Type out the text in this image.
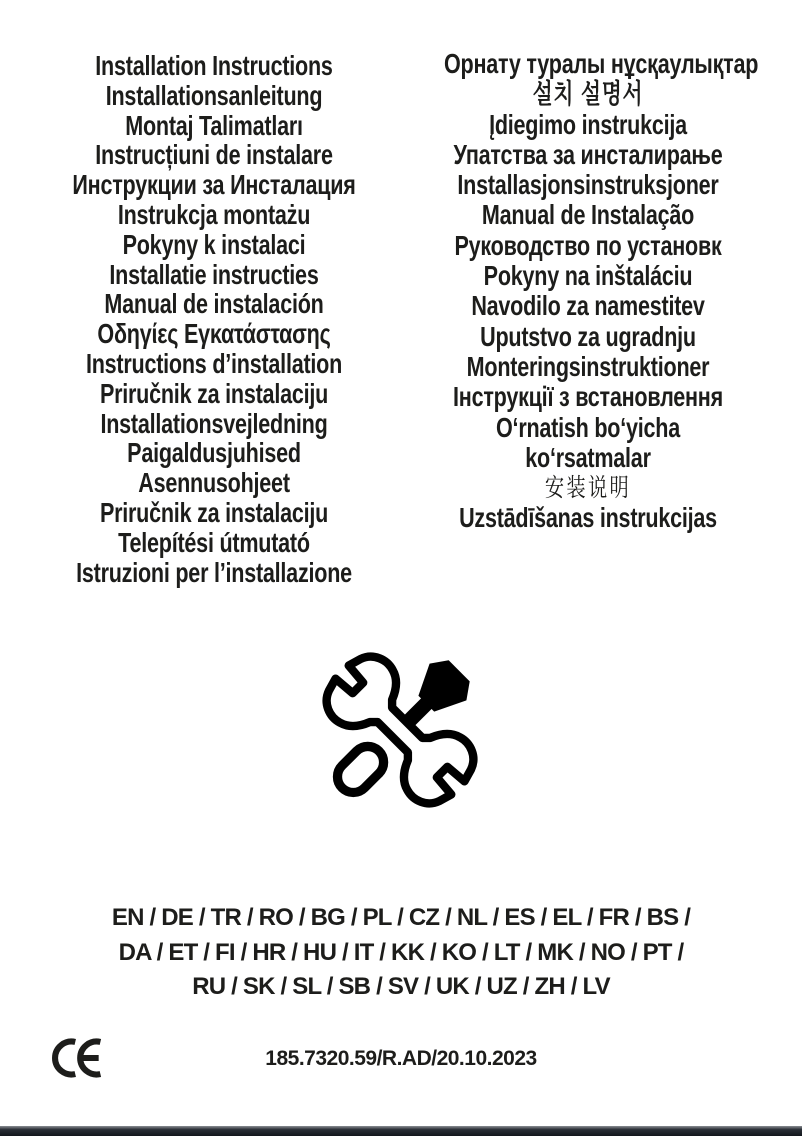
Installation Instructions
Installationsanleitung
Montaj Talimatları
Instrucțiuni de instalare
Инструкции за Инсталация
Instrukcja montażu
Pokyny k instalaci
Installatie instructies
Manual de instalación
Οδηγίες Εγκατάστασης
Instructions d’installation
Priručnik za instalaciju
Installationsvejledning
Paigaldusjuhised
Asennusohjeet
Priručnik za instalaciju
Telepítési útmutató
Istruzioni per l’installazione
Орнату туралы нұсқаулықтар
설치 설명서
Įdiegimo instrukcija
Упатства за инсталирање
Installasjonsinstruksjoner
Manual de Instalação
Руководство по установк
Pokyny na inštaláciu
Navodilo za namestitev
Uputstvo za ugradnju
Monteringsinstruktioner
Інструкції з встановлення
O‘rnatish bo‘yicha
ko‘rsatmalar
安装说明
Uzstādīšanas instrukcijas
EN / DE / TR / RO / BG / PL / CZ / NL / ES / EL / FR / BS /
DA / ET / FI / HR / HU / IT / KK / KO / LT / MK / NO / PT /
RU / SK / SL / SB / SV / UK / UZ / ZH / LV
185.7320.59/R.AD/20.10.2023
